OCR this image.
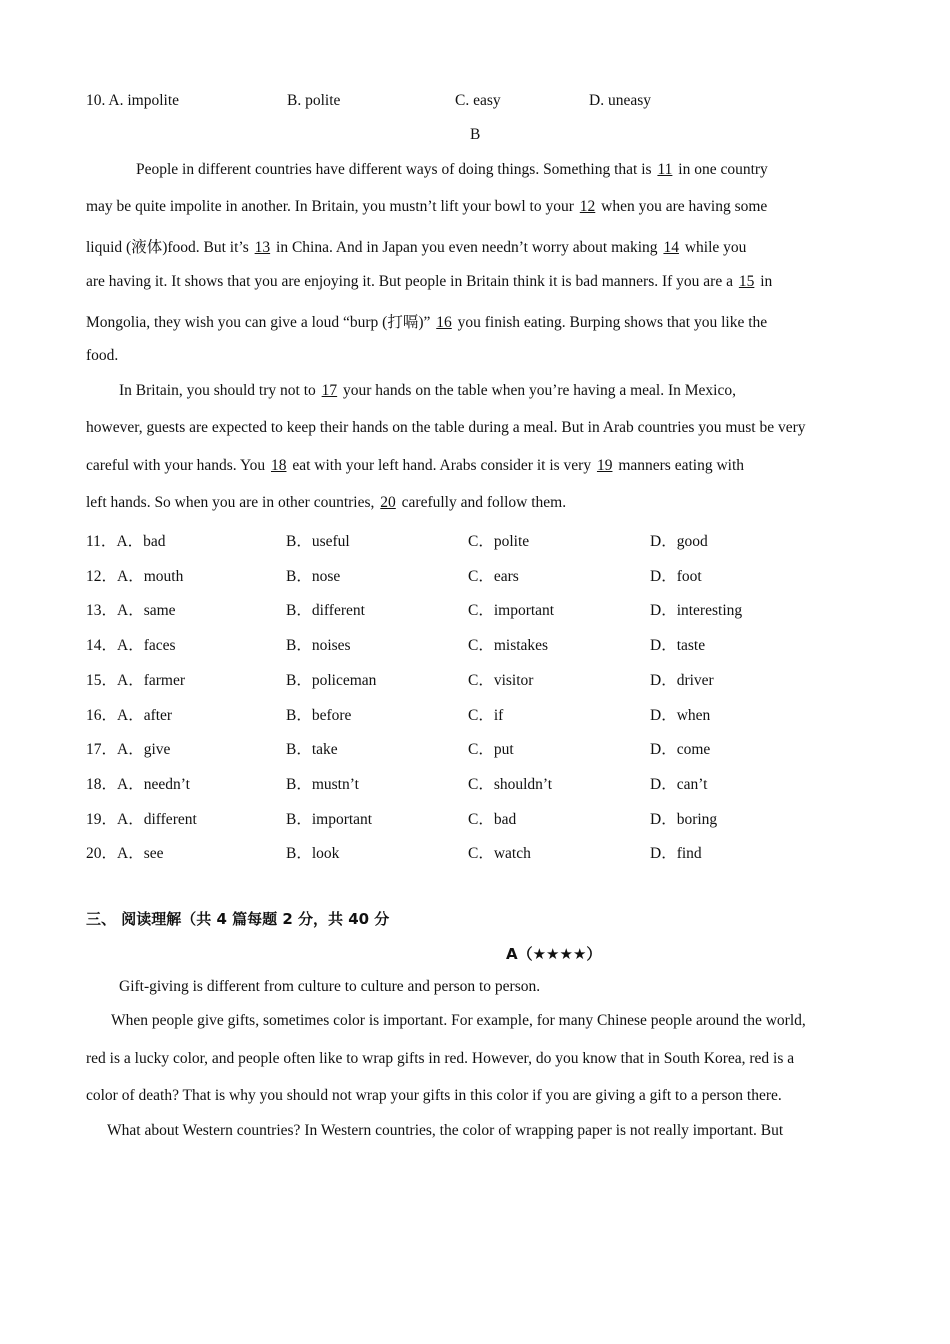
10. A. impolite	B. polite	C. easy	D. uneasy
B
People in different countries have different ways of doing things. Something that is 11 in one country
may be quite impolite in another. In Britain, you mustn’t lift your bowl to your 12 when you are having some
liquid (液体)food. But it’s 13 in China. And in Japan you even needn’t worry about making 14 while you
are having it. It shows that you are enjoying it. But people in Britain think it is bad manners. If you are a 15 in
Mongolia, they wish you can give a loud “burp (打嗝)” 16 you finish eating. Burping shows that you like the
food.
In Britain, you should try not to 17 your hands on the table when you’re having a meal. In Mexico,
however, guests are expected to keep their hands on the table during a meal. But in Arab countries you must be very
careful with your hands. You 18 eat with your left hand. Arabs consider it is very 19 manners eating with
left hands. So when you are in other countries, 20 carefully and follow them.
11．A．bad	B．useful	C．polite	D．good
12．A．mouth	B．nose	C．ears	D．foot
13．A．same	B．different	C．important	D．interesting
14．A．faces	B．noises	C．mistakes	D．taste
15．A．farmer	B．policeman	C．visitor	D．driver
16．A．after	B．before	C．if	D．when
17．A．give	B．take	C．put	D．come
18．A．needn’t	B．mustn’t	C．shouldn’t	D．can’t
19．A．different	B．important	C．bad	D．boring
20．A．see	B．look	C．watch	D．find
三、 阅读理解（共 4 篇每题 2 分，共 40 分
A（★★★★）
Gift-giving is different from culture to culture and person to person.
When people give gifts, sometimes color is important. For example, for many Chinese people around the world,
red is a lucky color, and people often like to wrap gifts in red. However, do you know that in South Korea, red is a
color of death? That is why you should not wrap your gifts in this color if you are giving a gift to a person there.
What about Western countries? In Western countries, the color of wrapping paper is not really important. But
